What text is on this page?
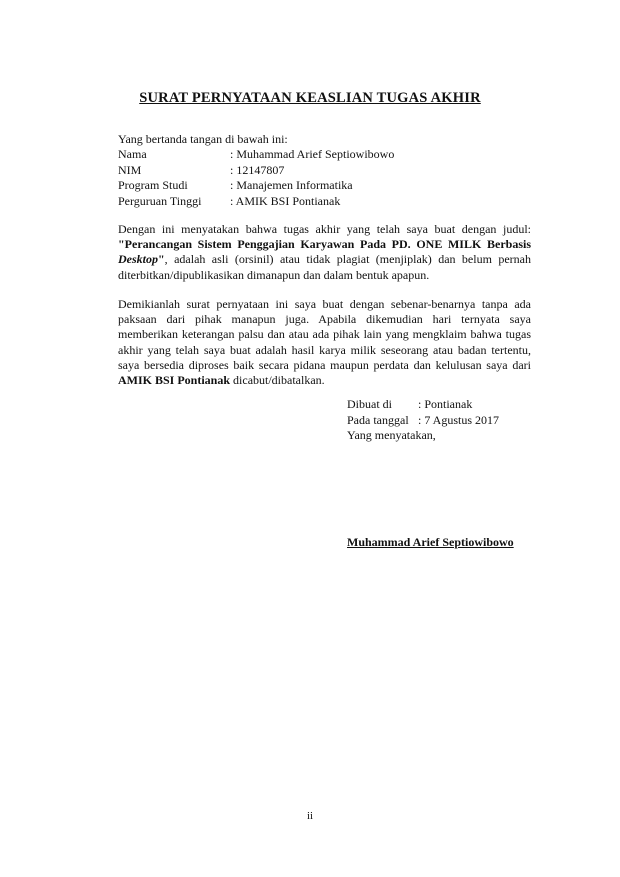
SURAT PERNYATAAN KEASLIAN TUGAS AKHIR
Yang bertanda tangan di bawah ini:
Nama	: Muhammad Arief Septiowibowo
NIM	: 12147807
Program Studi	: Manajemen Informatika
Perguruan Tinggi : AMIK BSI Pontianak
Dengan ini menyatakan bahwa tugas akhir yang telah saya buat dengan judul: "Perancangan Sistem Penggajian Karyawan Pada PD. ONE MILK Berbasis Desktop", adalah asli (orsinil) atau tidak plagiat (menjiplak) dan belum pernah diterbitkan/dipublikasikan dimanapun dan dalam bentuk apapun.
Demikianlah surat pernyataan ini saya buat dengan sebenar-benarnya tanpa ada paksaan dari pihak manapun juga. Apabila dikemudian hari ternyata saya memberikan keterangan palsu dan atau ada pihak lain yang mengklaim bahwa tugas akhir yang telah saya buat adalah hasil karya milik seseorang atau badan tertentu, saya bersedia diproses baik secara pidana maupun perdata dan kelulusan saya dari AMIK BSI Pontianak dicabut/dibatalkan.
Dibuat di : Pontianak
Pada tanggal : 7 Agustus 2017
Yang menyatakan,
Muhammad Arief Septiowibowo
ii
